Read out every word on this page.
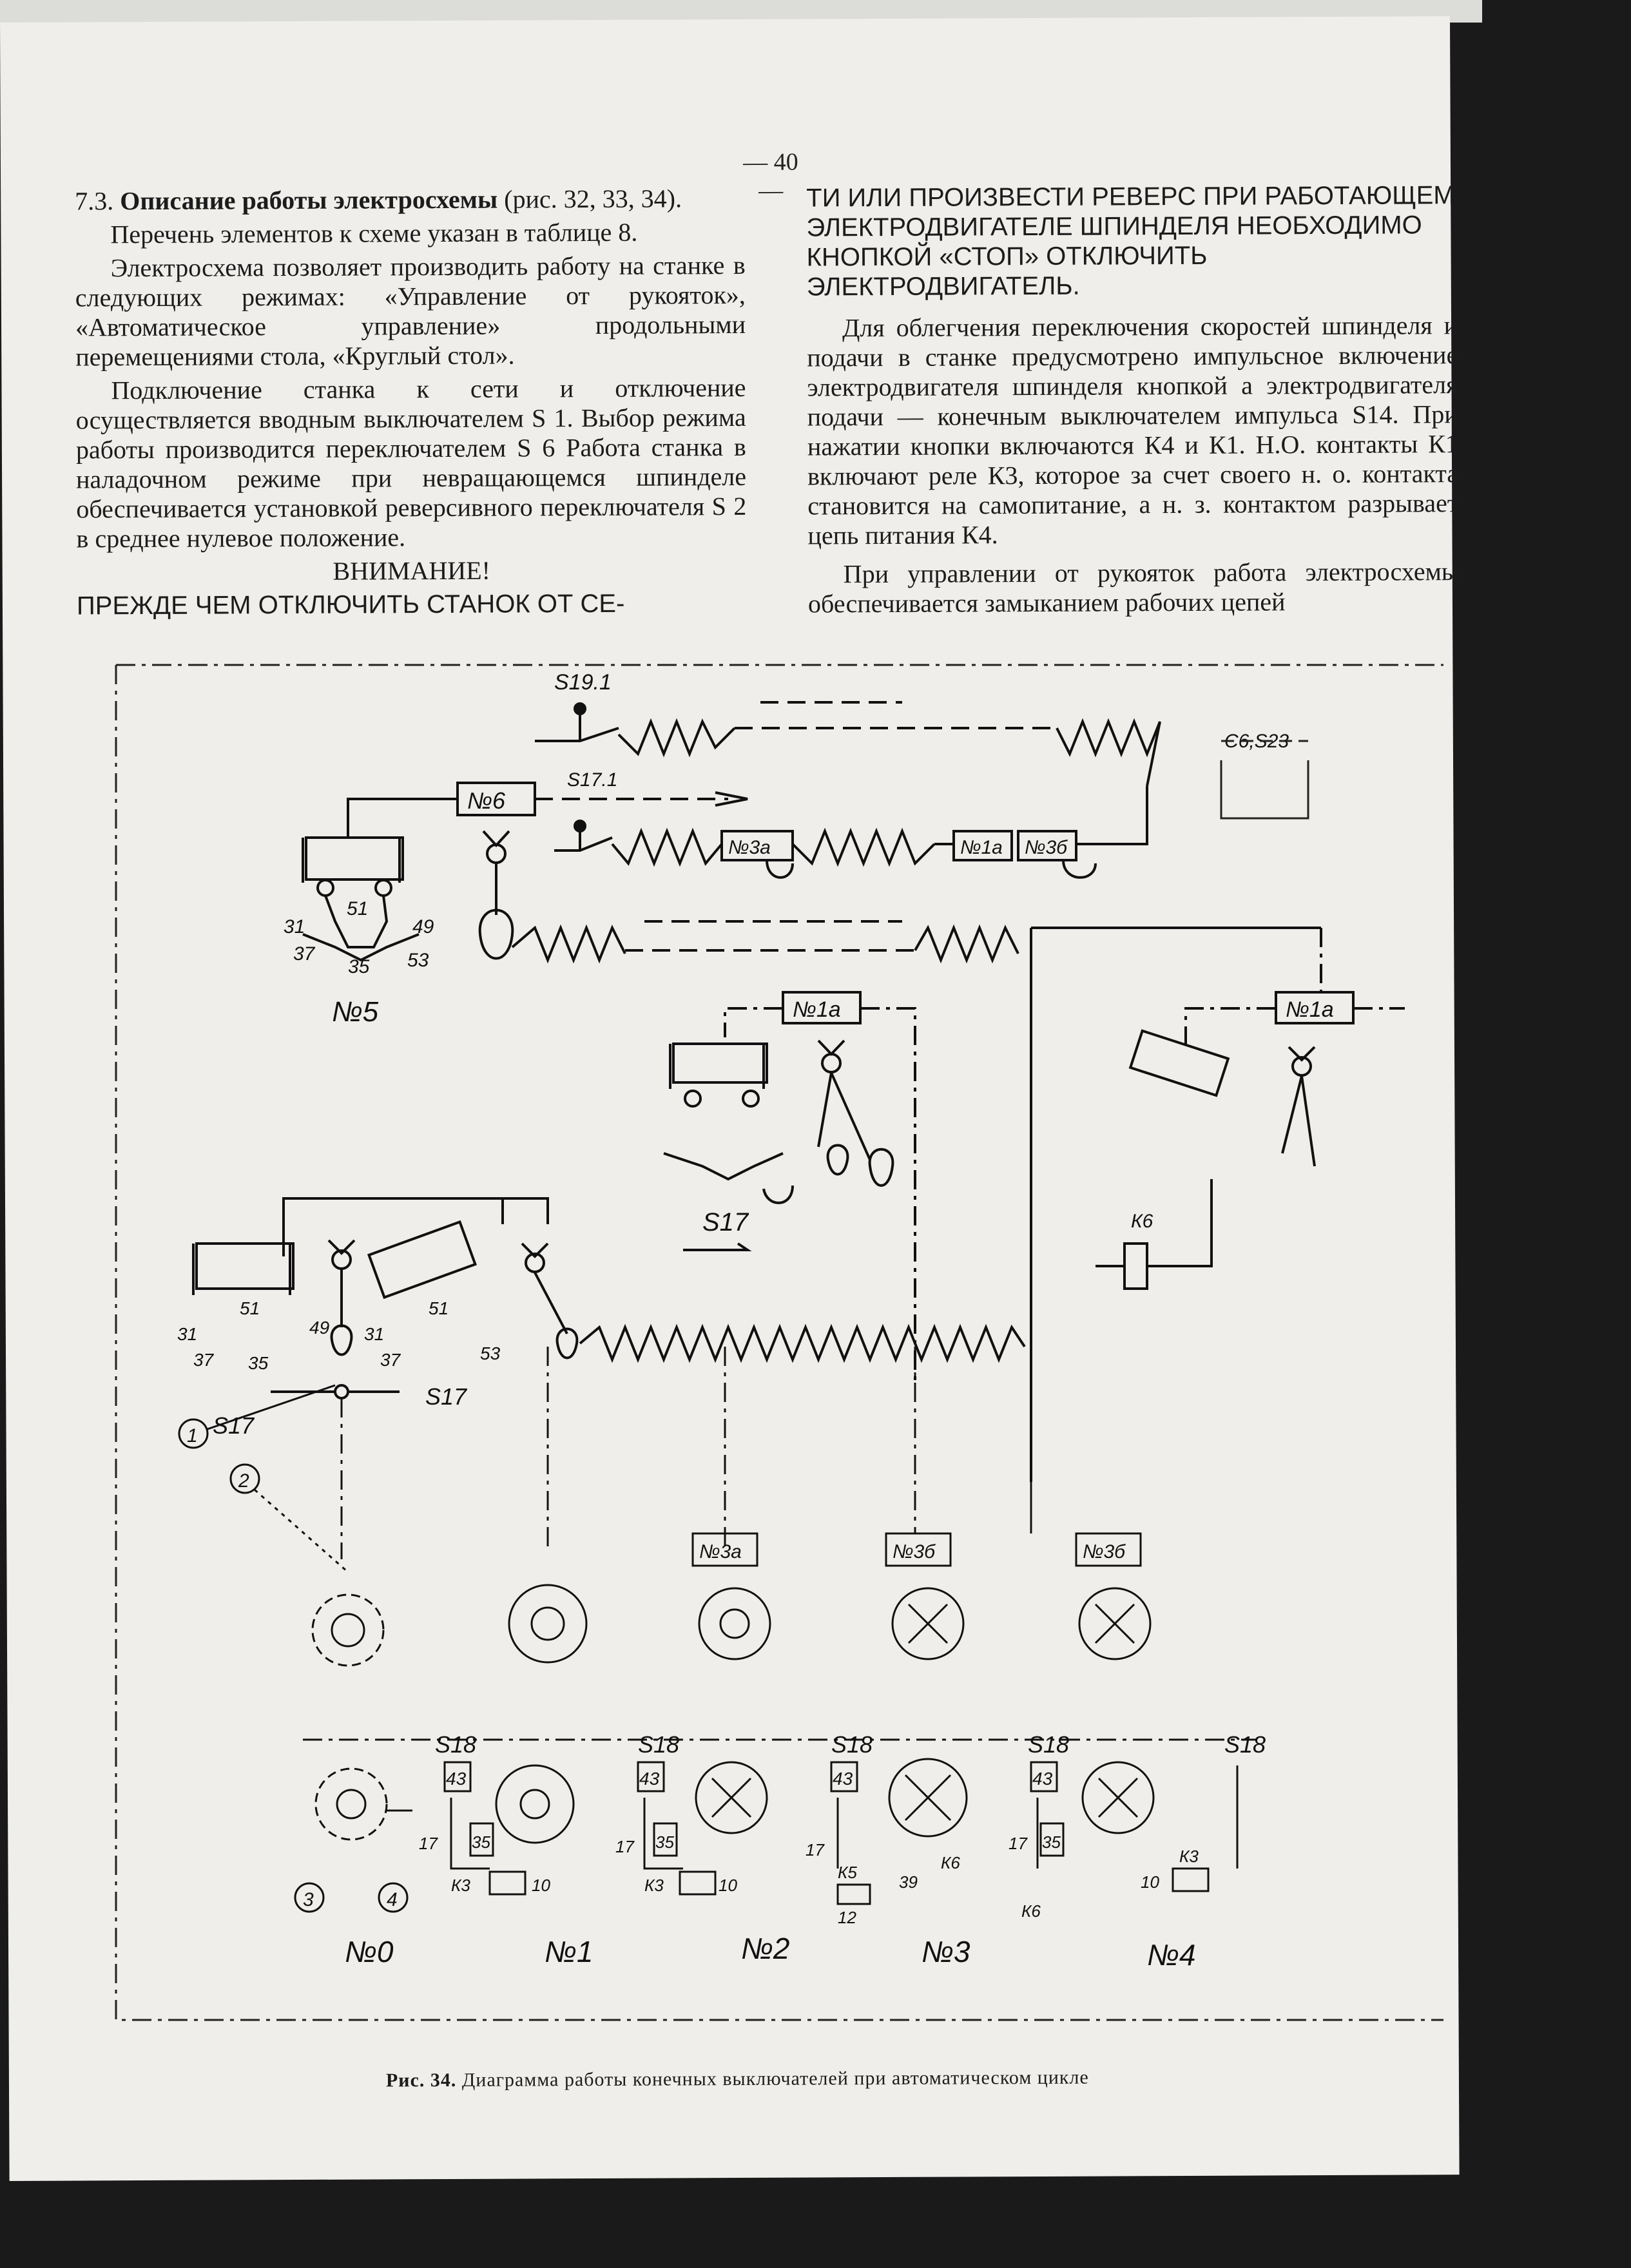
— 40 —

7.3. Описание работы электросхемы (рис. 32, 33, 34).

Перечень элементов к схеме указан в таблице 8.

Электросхема позволяет производить работу на станке в следующих режимах: «Управление от рукояток», «Автоматическое управление» продольными перемещениями стола, «Круглый стол».

Подключение станка к сети и отключение осуществляется вводным выключателем S 1. Выбор режима работы производится переключателем S 6 Работа станка в наладочном режиме при невращающемся шпинделе обеспечивается установкой реверсивного переключателя S 2 в среднее нулевое положение.

ВНИМАНИЕ!

ПРЕЖДЕ ЧЕМ ОТКЛЮЧИТЬ СТАНОК ОТ СЕ-

ТИ ИЛИ ПРОИЗВЕСТИ РЕВЕРС ПРИ РАБОТАЮЩЕМ ЭЛЕКТРОДВИГАТЕЛЕ ШПИНДЕЛЯ НЕОБХОДИМО КНОПКОЙ «СТОП» ОТКЛЮЧИТЬ ЭЛЕКТРОДВИГАТЕЛЬ.

Для облегчения переключения скоростей шпинделя и подачи в станке предусмотрено импульсное включение электродвигателя шпинделя кнопкой а электродвигателя подачи — конечным выключателем импульса S14. При нажатии кнопки включаются К4 и К1. Н.О. контакты К1 включают реле К3, которое за счет своего н. о. контакта становится на самопитание, а н. з. контактом разрывает цепь питания К4.

При управлении от рукояток работа электросхемы обеспечивается замыканием рабочих цепей

Рис. 34. Диаграмма работы конечных выключателей при автоматическом цикле
S19.1
С6,S23
№6
31
37
51
35
49
53
№5
S17.1
№3а	№1а №3б
№1а
S17
№1а
К6
51
37
31
35
49
51
53
31
37
S17
S17
1
2
3	4
№3а	№3б	№3б
S18	S18	S18	S18	S18
43	43	43	43
35	35	35
17	17	17	17
К3	10	К3	10
К5
12
39
К6
К6
К3
10
№0	№1	№2	№3	№4
